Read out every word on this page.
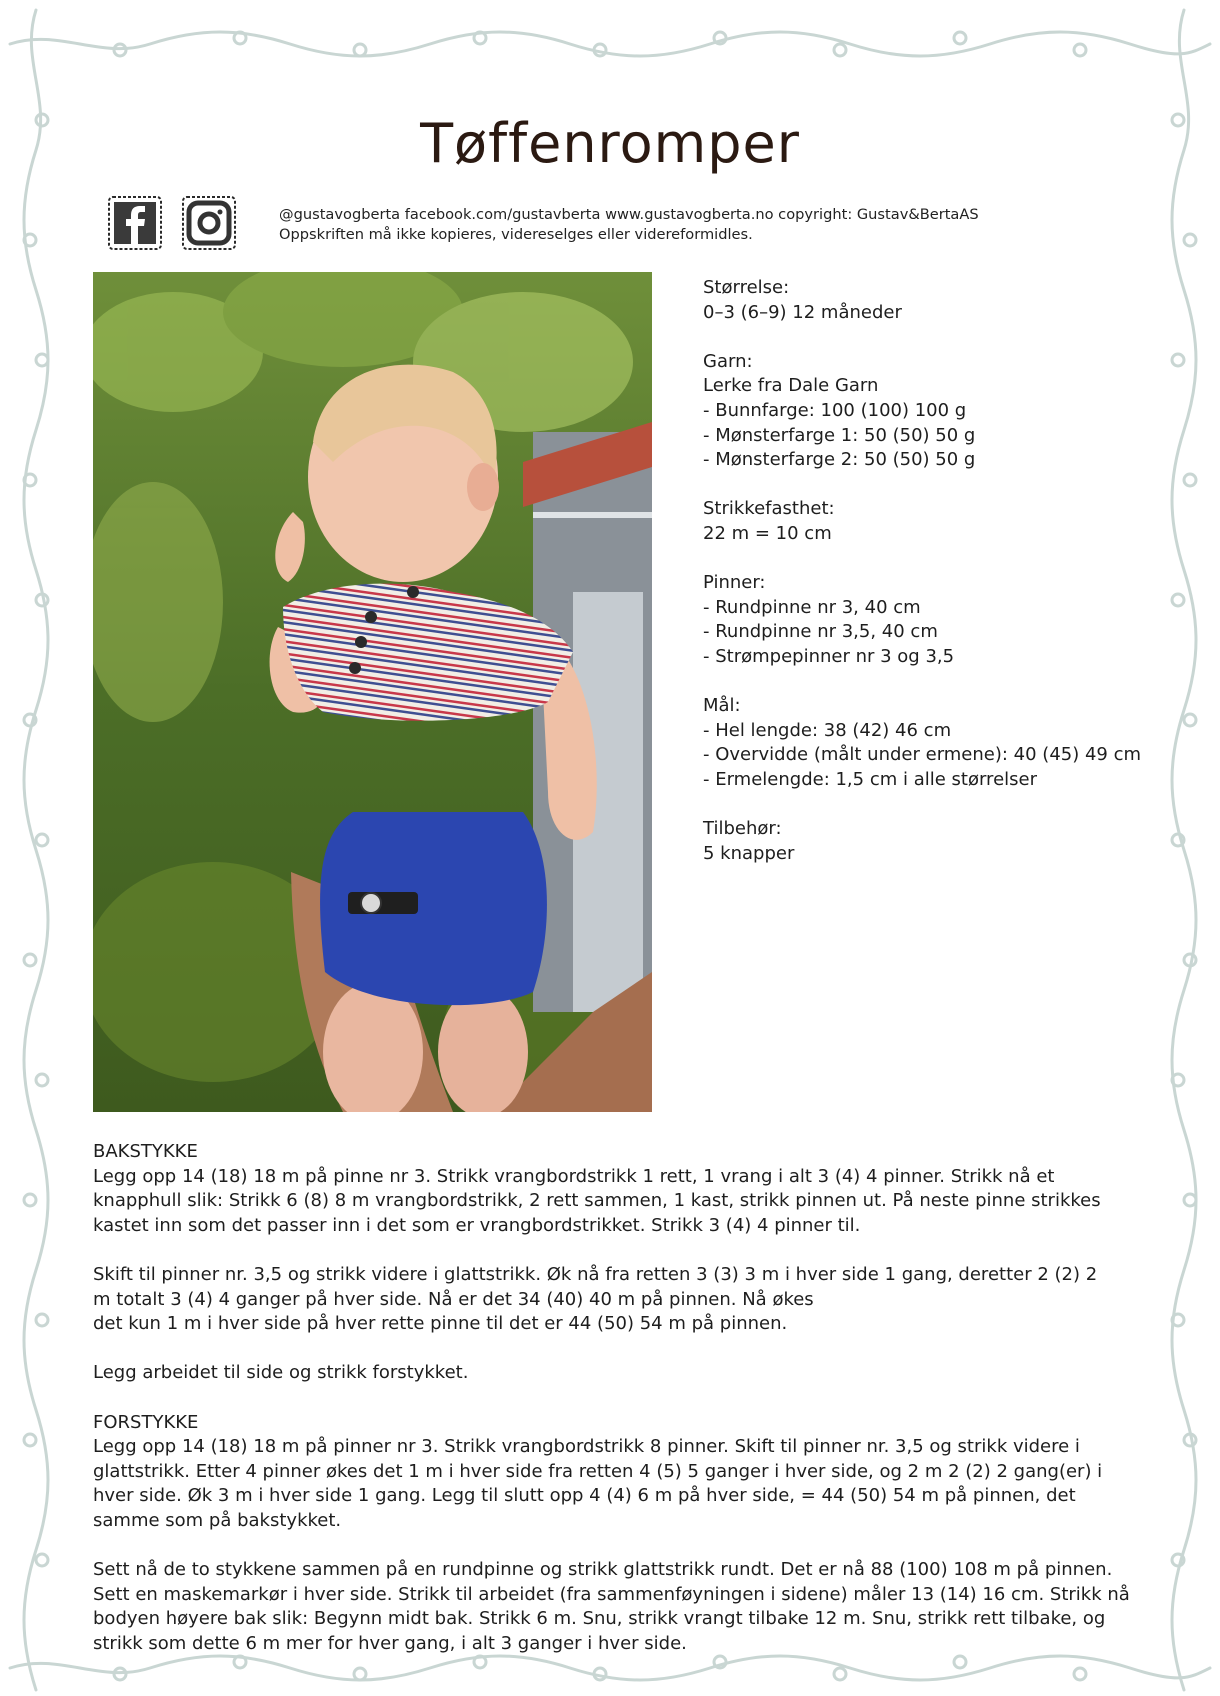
Tøffenromper
@gustavogberta facebook.com/gustavberta www.gustavogberta.no copyright: Gustav&BertaAS
Oppskriften må ikke kopieres, videreselges eller videreformidles.
Størrelse:
0–3 (6–9) 12 måneder
Garn:
Lerke fra Dale Garn
- Bunnfarge: 100 (100) 100 g
- Mønsterfarge 1: 50 (50) 50 g
- Mønsterfarge 2: 50 (50) 50 g
Strikkefasthet:
22 m = 10 cm
Pinner:
- Rundpinne nr 3, 40 cm
- Rundpinne nr 3,5, 40 cm
- Strømpepinner nr 3 og 3,5
Mål:
- Hel lengde: 38 (42) 46 cm
- Overvidde (målt under ermene): 40 (45) 49 cm
- Ermelengde: 1,5 cm i alle størrelser
Tilbehør:
5 knapper
BAKSTYKKE
Legg opp 14 (18) 18 m på pinne nr 3. Strikk vrangbordstrikk 1 rett, 1 vrang i alt 3 (4) 4 pinner. Strikk nå et
knapphull slik: Strikk 6 (8) 8 m vrangbordstrikk, 2 rett sammen, 1 kast, strikk pinnen ut. På neste pinne strikkes
kastet inn som det passer inn i det som er vrangbordstrikket. Strikk 3 (4) 4 pinner til.
Skift til pinner nr. 3,5 og strikk videre i glattstrikk. Øk nå fra retten 3 (3) 3 m i hver side 1 gang, deretter 2 (2) 2
m totalt 3 (4) 4 ganger på hver side. Nå er det 34 (40) 40 m på pinnen. Nå økes
det kun 1 m i hver side på hver rette pinne til det er 44 (50) 54 m på pinnen.
Legg arbeidet til side og strikk forstykket.
FORSTYKKE
Legg opp 14 (18) 18 m på pinner nr 3. Strikk vrangbordstrikk 8 pinner. Skift til pinner nr. 3,5 og strikk videre i
glattstrikk. Etter 4 pinner økes det 1 m i hver side fra retten 4 (5) 5 ganger i hver side, og 2 m 2 (2) 2 gang(er) i
hver side. Øk 3 m i hver side 1 gang. Legg til slutt opp 4 (4) 6 m på hver side, = 44 (50) 54 m på pinnen, det
samme som på bakstykket.
Sett nå de to stykkene sammen på en rundpinne og strikk glattstrikk rundt. Det er nå 88 (100) 108 m på pinnen.
Sett en maskemarkør i hver side. Strikk til arbeidet (fra sammenføyningen i sidene) måler 13 (14) 16 cm. Strikk nå
bodyen høyere bak slik: Begynn midt bak. Strikk 6 m. Snu, strikk vrangt tilbake 12 m. Snu, strikk rett tilbake, og
strikk som dette 6 m mer for hver gang, i alt 3 ganger i hver side.
